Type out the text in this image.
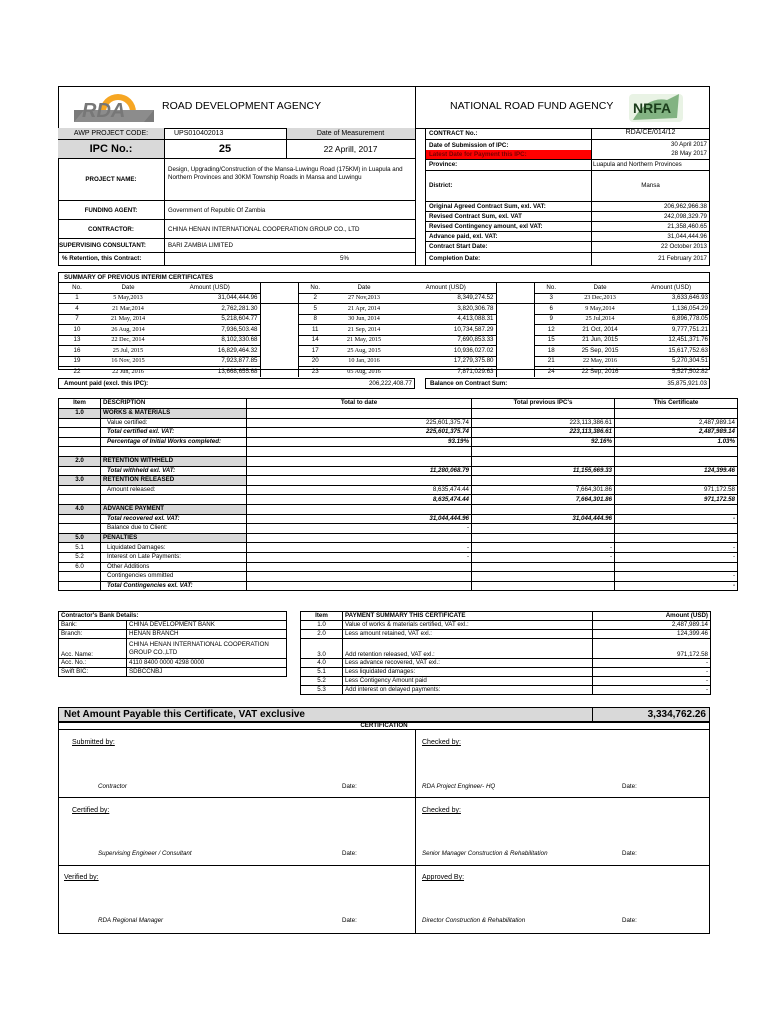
RDA	ROAD DEVELOPMENT AGENCY	NATIONAL ROAD FUND AGENCY NRFA
AWP PROJECT CODE:	UPS010402013	Date of Measurement
IPC No.:	25	22 Aprill, 2017
PROJECT NAME:
Design, Upgrading/Construction of the Mansa-Luwingu Road (175KM) in Luapula and Northern Provinces and 30KM Township Roads in Mansa and Luwingu
FUNDING AGENT:	Government of Republic Of Zambia
CONTRACTOR:	CHINA HENAN INTERNATIONAL COOPERATION GROUP CO., LTD
SUPERVISING CONSULTANT:	BARI ZAMBIA LIMITED
% Retention, this Contract:	5%
CONTRACT No.:	RDA/CE/014/12
Date of Submission of IPC:	30 April 2017
Latest Date for Payment this IPC:	28 May 2017
Province:	Luapula and Northern Provinces
District:	Mansa
Original Agreed Contract Sum, exl. VAT:	206,962,966.38
Revised Contract Sum, exl. VAT	242,098,329.79
Revised Contingency amount, exl VAT:	21,358,460.65
Advance paid, exl. VAT:	31,044,444.96
Contract Start Date:	22 October 2013
Completion Date:	21 February 2017
SUMMARY OF PREVIOUS INTERIM CERTIFICATES
No.	Date	Amount (USD)		No.	Date	Amount (USD)		No.	Date	Amount (USD)
1	5 May,2013	31,044,444.96		2	27 Nov,2013	8,349,274.52		3	23 Dec,2013	3,633,646.93
4	21 Mar,2014	2,762,281.30		5	21 Apr, 2014	3,820,306.78		6	9 May,2014	1,136,054.29
7	21 May, 2014	5,218,604.77		8	30 Jun, 2014	4,413,088.31		9	25 Jul,2014	6,896,778.05
10	26 Aug, 2014	7,936,503.48		11	21 Sep, 2014	10,734,587.29		12	21 Oct, 2014	9,777,751.21
13	22 Dec, 2014	8,102,330.68		14	21 May, 2015	7,690,853.33		15	21 Jun, 2015	12,451,371.76
16	25 Jul, 2015	16,829,464.32		17	25 Aug, 2015	10,936,027.02		18	25 Sep, 2015	15,617,752.63
19	16 Nov, 2015	7,923,877.85		20	10 Jan, 2016	17,279,375.80		21	22 May, 2016	5,270,304.51
22	22 Jun, 2016	13,668,655.68		23	05 Aug, 2016	7,871,029.63		24	22 Sep, 2016	5,527,502.82
Amount paid (excl. this IPC):	206,222,408.77	Balance on Contract Sum:	35,875,921.03
Item	DESCRIPTION	Total to date	Total previous IPC's	This Certificate
1.0	WORKS & MATERIALS			
	Value certified:	225,601,375.74	223,113,386.61	2,487,989.14
	Total certified exl. VAT:	225,601,375.74	223,113,386.61	2,487,989.14
	Percentage of Initial Works completed:	93.19%	92.16%	1.03%

2.0	RETENTION WITHHELD			
	Total withheld exl. VAT:	11,280,068.79	11,155,669.33	124,399.46
3.0	RETENTION RELEASED			
	Amount released:	8,635,474.44	7,664,301.86	971,172.58
		8,635,474.44	7,664,301.86	971,172.58
4.0	ADVANCE PAYMENT			
	Total recovered exl. VAT:	31,044,444.96	31,044,444.96	-
	Balance due to Client:	-		
5.0	PENALTIES			
5.1	Liquidated Damages:	-	-	-
5.2	Interest on Late Payments:	-	-	-
6.0	Other Additions			
	Contingencies ommitted			-
	Total Contingencies exl. VAT:			-
Contractor's Bank Details:	
Bank:	CHINA DEVELOPMENT BANK
Branch:	HENAN BRANCH
Acc. Name:	CHINA HENAN INTERNATIONAL COOPERATION GROUP CO.,LTD
Acc. No.:	4110 8400 0000 4298 0000
Swift BIC:	SDBCCNBJ
Item	PAYMENT SUMMARY THIS CERTIFICATE	Amount (USD)
1.0	Value of works & materials certified, VAT exl.:	2,487,989.14
2.0	Less amount retained, VAT exl.:	124,399.46
3.0	Add retention released, VAT exl.:	971,172.58
4.0	Less advance recovered, VAT exl.:	-
5.1	Less liquidated damages:	-
5.2	Less Contigency Amount paid	-
5.3	Add interest on delayed payments:	-
Net Amount Payable this Certificate, VAT exclusive	3,334,762.26
CERTIFICATION
Submitted by:
Contractor	Date:
Checked by:
RDA Project Engineer- HQ	Date:
Certified by:
Supervising Engineer / Consultant	Date:
Checked by:
Senior Manager Construction & Rehabilitation	Date:
Verified by:
RDA Regional Manager	Date:
Approved By:
Director Construction & Rehabilitation	Date:
